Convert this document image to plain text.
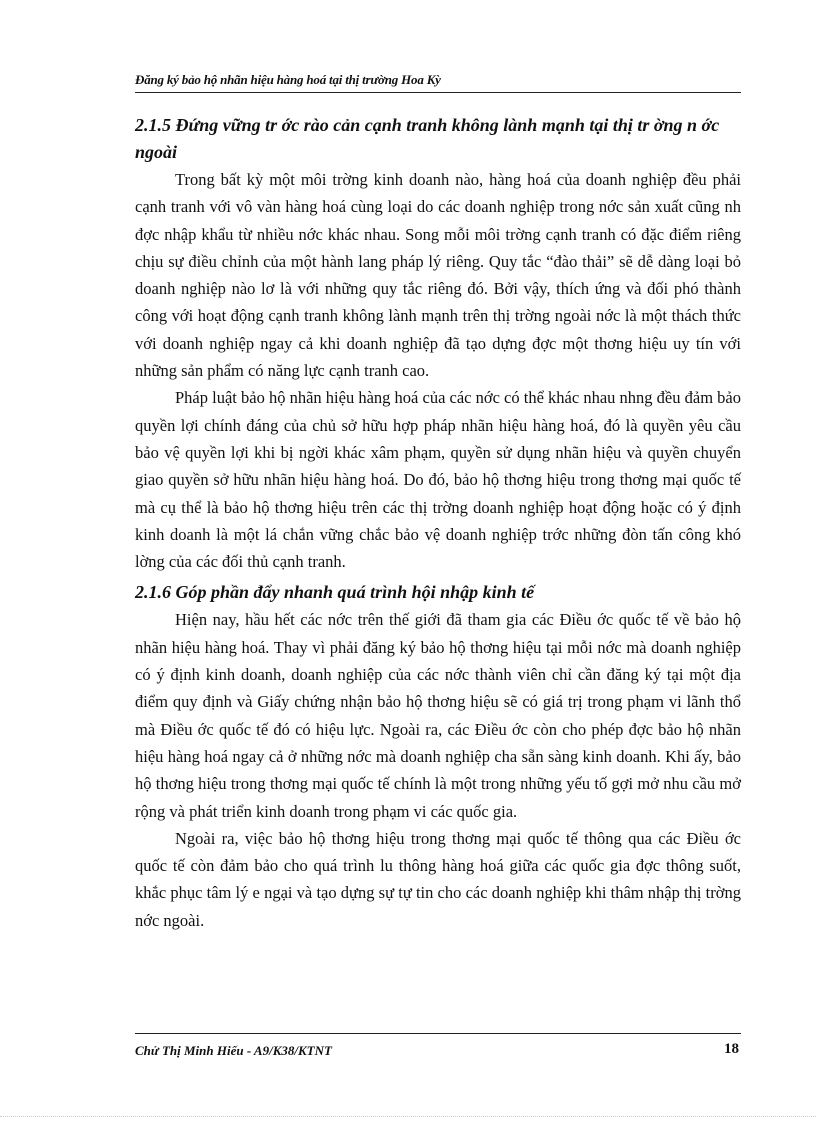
Đăng ký bảo hộ nhãn hiệu hàng hoá tại thị trường Hoa Kỳ
2.1.5 Đứng vững tr ớc rào cản cạnh tranh không lành mạnh tại thị tr ờng n ớc ngoài

Trong bất kỳ một môi trờng kinh doanh nào, hàng hoá của doanh nghiệp đều phải cạnh tranh với vô vàn hàng hoá cùng loại do các doanh nghiệp trong nớc sản xuất cũng nh đợc nhập khẩu từ nhiều nớc khác nhau. Song mỗi môi trờng cạnh tranh có đặc điểm riêng chịu sự điều chỉnh của một hành lang pháp lý riêng. Quy tắc “đào thải” sẽ dễ dàng loại bỏ doanh nghiệp nào lơ là với những quy tắc riêng đó. Bởi vậy, thích ứng và đối phó thành công với hoạt động cạnh tranh không lành mạnh trên thị trờng ngoài nớc là một thách thức với doanh nghiệp ngay cả khi doanh nghiệp đã tạo dựng đợc một thơng hiệu uy tín với những sản phẩm có năng lực cạnh tranh cao.

Pháp luật bảo hộ nhãn hiệu hàng hoá của các nớc có thể khác nhau nhng đều đảm bảo quyền lợi chính đáng của chủ sở hữu hợp pháp nhãn hiệu hàng hoá, đó là quyền yêu cầu bảo vệ quyền lợi khi bị ngời khác xâm phạm, quyền sử dụng nhãn hiệu và quyền chuyển giao quyền sở hữu nhãn hiệu hàng hoá. Do đó, bảo hộ thơng hiệu trong thơng mại quốc tế mà cụ thể là bảo hộ thơng hiệu trên các thị trờng doanh nghiệp hoạt động hoặc có ý định kinh doanh là một lá chắn vững chắc bảo vệ doanh nghiệp trớc những đòn tấn công khó lờng của các đối thủ cạnh tranh.

2.1.6 Góp phần đẩy nhanh quá trình hội nhập kinh tế

Hiện nay, hầu hết các nớc trên thế giới đã tham gia các Điều ớc quốc tế về bảo hộ nhãn hiệu hàng hoá. Thay vì phải đăng ký bảo hộ thơng hiệu tại mỗi nớc mà doanh nghiệp có ý định kinh doanh, doanh nghiệp của các nớc thành viên chỉ cần đăng ký tại một địa điểm quy định và Giấy chứng nhận bảo hộ thơng hiệu sẽ có giá trị trong phạm vi lãnh thổ mà Điều ớc quốc tế đó có hiệu lực. Ngoài ra, các Điều ớc còn cho phép đợc bảo hộ nhãn hiệu hàng hoá ngay cả ở những nớc mà doanh nghiệp cha sẵn sàng kinh doanh. Khi ấy, bảo hộ thơng hiệu trong thơng mại quốc tế chính là một trong những yếu tố gợi mở nhu cầu mở rộng và phát triển kinh doanh trong phạm vi các quốc gia.

Ngoài ra, việc bảo hộ thơng hiệu trong thơng mại quốc tế thông qua các Điều ớc quốc tế còn đảm bảo cho quá trình lu thông hàng hoá giữa các quốc gia đợc thông suốt, khắc phục tâm lý e ngại và tạo dựng sự tự tin cho các doanh nghiệp khi thâm nhập thị trờng nớc ngoài.

Chử Thị Minh Hiếu - A9/K38/KTNT	18
